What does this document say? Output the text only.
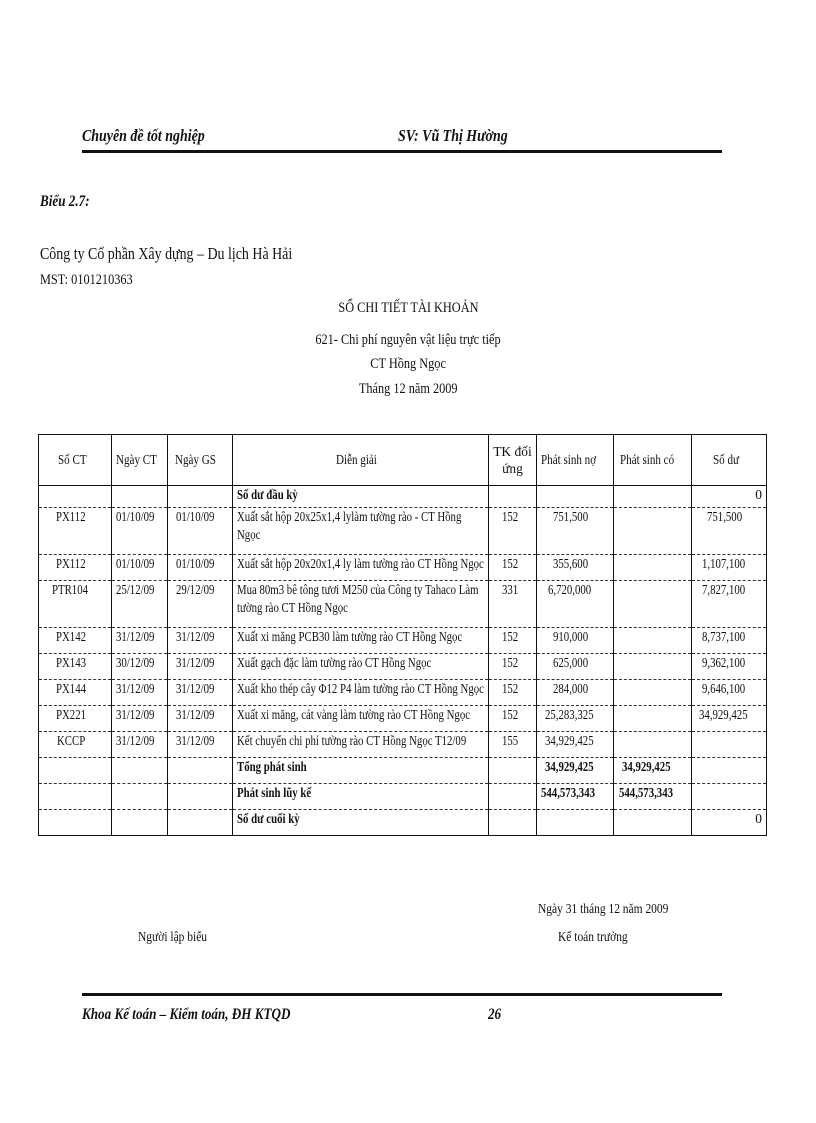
Chuyên đề tốt nghiệp	SV: Vũ Thị Hường
Biểu 2.7:
Công ty Cổ phần Xây dựng – Du lịch Hà Hải
MST: 0101210363
SỔ CHI TIẾT TÀI KHOẢN
621- Chi phí nguyên vật liệu trực tiếp
CT Hồng Ngọc
Tháng 12 năm 2009
Số CT	Ngày CT	Ngày GS	Diễn giải	TK đối ứng	Phát sinh nợ	Phát sinh có	Số dư
			Số dư đầu kỳ				0
PX112	01/10/09	01/10/09	Xuất sắt hộp 20x25x1,4 lylàm tường rào - CT Hồng Ngọc	152	751,500		751,500
PX112	01/10/09	01/10/09	Xuất sắt hộp 20x20x1,4 ly làm tường rào CT Hồng Ngọc	152	355,600		1,107,100
PTR104	25/12/09	29/12/09	Mua 80m3 bê tông tươi M250 của Công ty Tahaco Làm tường rào CT Hồng Ngọc	331	6,720,000		7,827,100
PX142	31/12/09	31/12/09	Xuất xi măng PCB30 làm tường rào CT Hồng Ngọc	152	910,000		8,737,100
PX143	30/12/09	31/12/09	Xuất gạch đặc làm tường rào CT Hồng Ngọc	152	625,000		9,362,100
PX144	31/12/09	31/12/09	Xuất kho thép cây Φ12 P4 làm tường rào CT Hồng Ngọc	152	284,000		9,646,100
PX221	31/12/09	31/12/09	Xuất xi măng, cát vàng làm tường rào CT Hồng Ngọc	152	25,283,325		34,929,425
KCCP	31/12/09	31/12/09	Kết chuyển chi phí tường rào CT Hồng Ngọc T12/09	155	34,929,425		
			Tổng phát sinh		34,929,425	34,929,425	
			Phát sinh lũy kế		544,573,343	544,573,343	
			Số dư cuối kỳ				0
Ngày 31 tháng 12 năm 2009
Người lập biểu	Kế toán trưởng
Khoa Kế toán – Kiểm toán, ĐH KTQD	26
